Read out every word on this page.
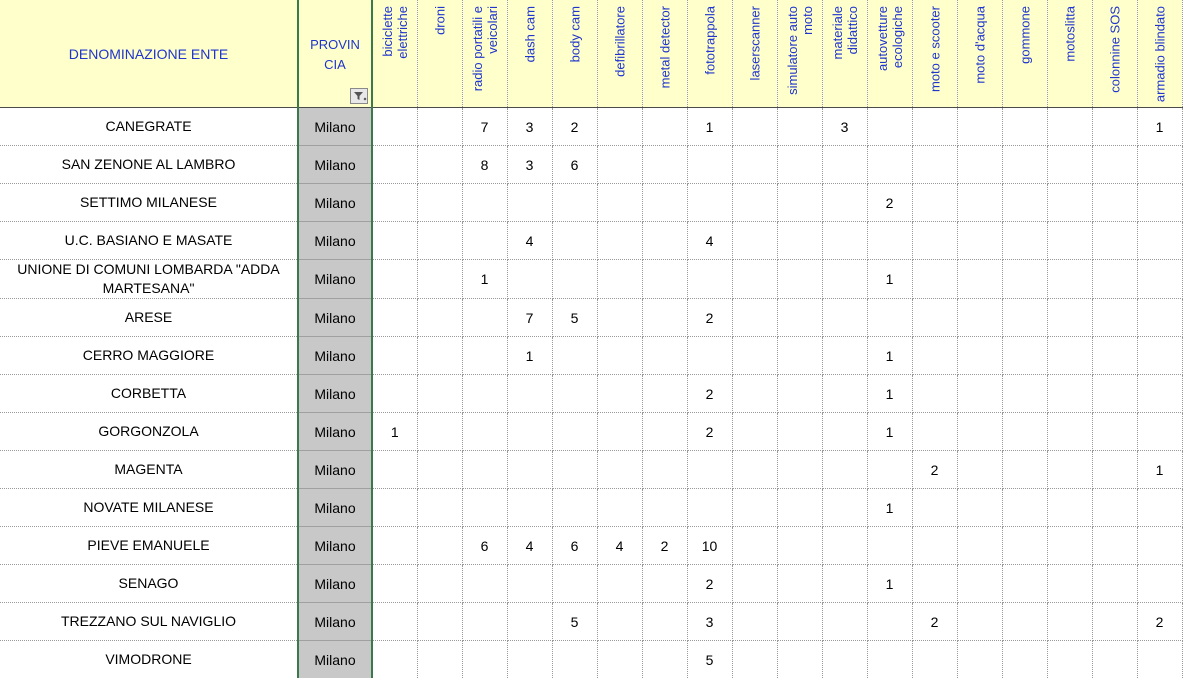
DENOMINAZIONE ENTE	PROVINCIA	biciclette elettriche	droni	radio portatili e veicolari	dash cam	body cam	defibrillatore	metal detector	fototrappola	laserscanner	simulatore auto moto	materiale didattico	autovetture ecologiche	moto e scooter	moto d'acqua	gommone	motoslitta	colonnine SOS	armadio blindato

CANEGRATE	Milano			7	3	2			1			3							1
SAN ZENONE AL LAMBRO	Milano			8	3	6													
SETTIMO MILANESE	Milano												2						
U.C. BASIANO E MASATE	Milano				4				4										
UNIONE DI COMUNI LOMBARDA "ADDA MARTESANA"	Milano			1									1						
ARESE	Milano				7	5			2										
CERRO MAGGIORE	Milano				1								1						
CORBETTA	Milano								2				1						
GORGONZOLA	Milano	1							2				1						
MAGENTA	Milano													2					1
NOVATE MILANESE	Milano												1						
PIEVE EMANUELE	Milano			6	4	6	4	2	10										
SENAGO	Milano								2				1						
TREZZANO SUL NAVIGLIO	Milano					5			3					2					2
VIMODRONE	Milano								5										
